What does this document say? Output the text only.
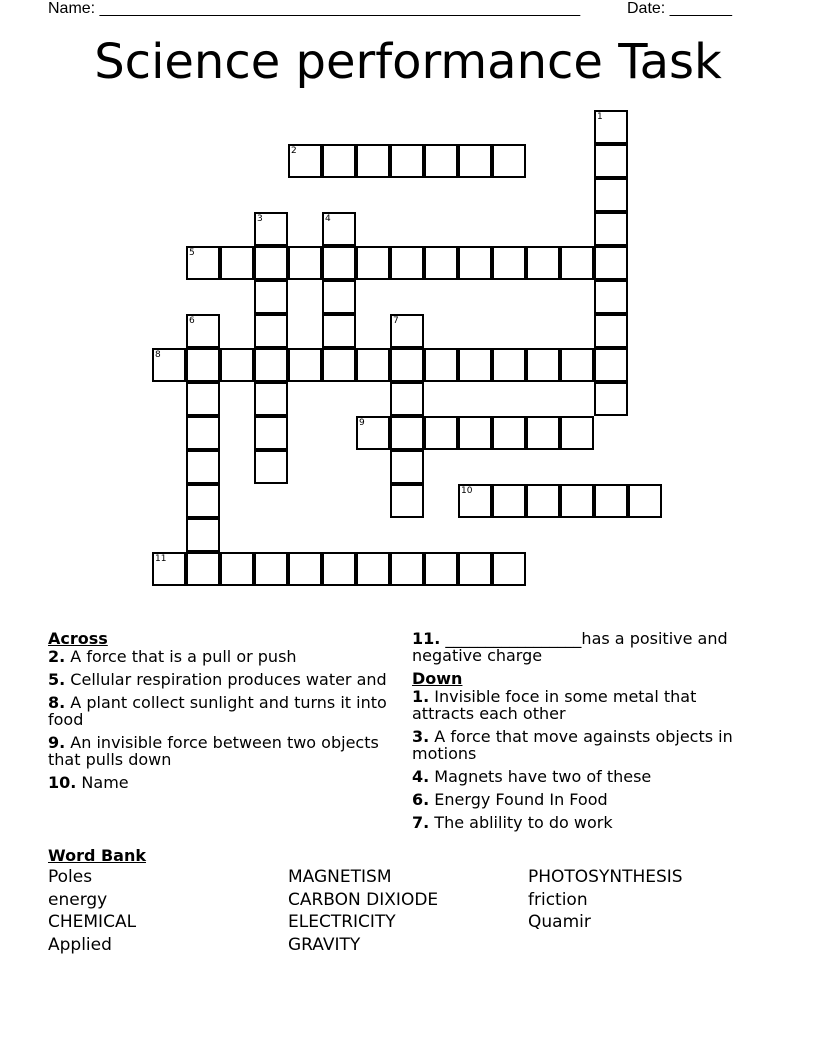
Name: ______________________________________________________	Date: _______
Science performance Task
1
2
3	4
5
6	7
8
9
10
11
Across
2. A force that is a pull or push
5. Cellular respiration produces water and
8. A plant collect sunlight and turns it into food
9. An invisible force between two objects that pulls down
10. Name
11. _________________has a positive and negative charge
Down
1. Invisible foce in some metal that attracts each other
3. A force that move againsts objects in motions
4. Magnets have two of these
6. Energy Found In Food
7. The ablility to do work
Word Bank
Poles
energy
CHEMICAL
Applied
MAGNETISM
CARBON DIXIODE
ELECTRICITY
GRAVITY
PHOTOSYNTHESIS
friction
Quamir
